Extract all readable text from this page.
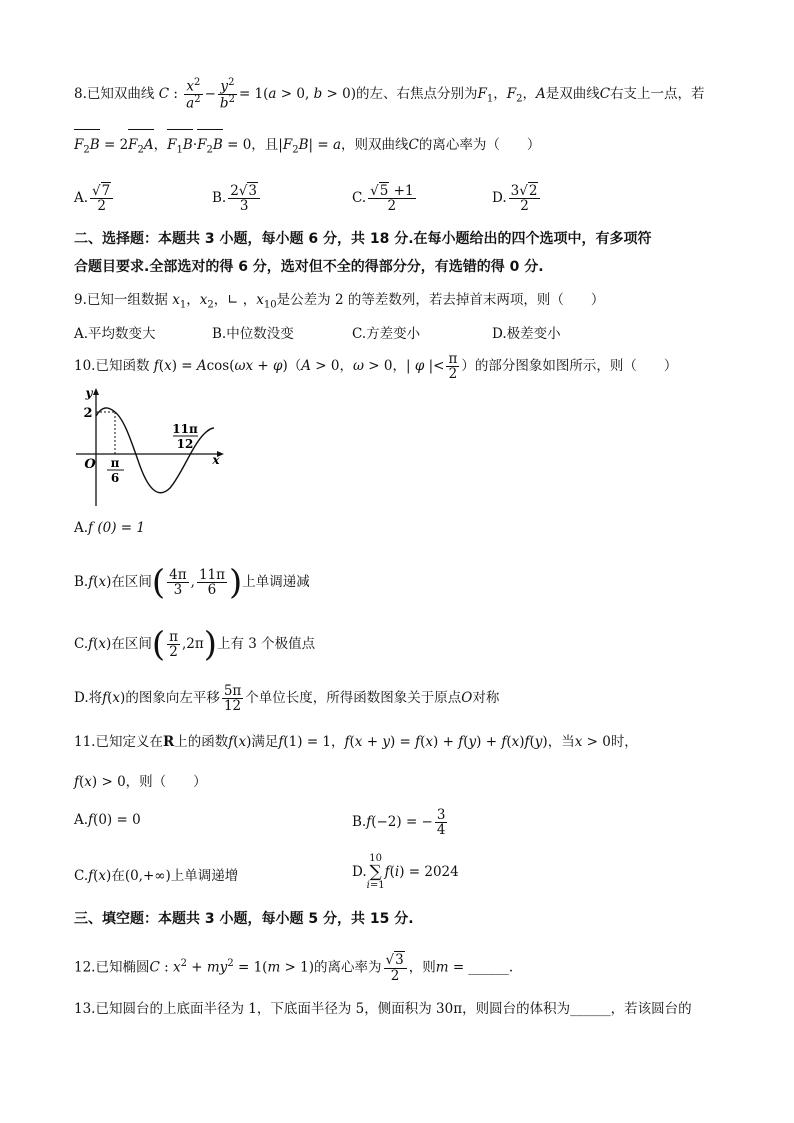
8.已知双曲线 C : $\frac{x^2}{a^2} - \frac{y^2}{b^2} = 1(a > 0$, b > 0)的左、右焦点分别为$F_1$，$F_2$，A是双曲线C右支上一点，若
$F_2B = 2F_2A$，$F_1B\cdot F_2B = 0$，且$|F_2B| = a$，则双曲线C的离心率为（　　）
A. $\frac{√7}{2}$	B. $\frac{2√3}{3}$	C. $\frac{√5 +1}{2}$	D. $\frac{3√2}{2}$
二、选择题：本题共 3 小题，每小题 6 分，共 18 分.在每小题给出的四个选项中，有多项符
合题目要求.全部选对的得 6 分，选对但不全的得部分分，有选错的得 0 分.
9.已知一组数据 $x_1$，$x_2$，∟ ，$x_{10}$是公差为 2 的等差数列，若去掉首末两项，则（　　）
A.平均数变大	B.中位数没变	C.方差变小	D.极差变小
10.已知函数 f(x) = Acos(ωx + φ)（A > 0，ω > 0，| φ |< $\frac{\pi}{2}$ ）的部分图象如图所示，则（　　）
y
2
O	x
π
6
11π
12
A.f (0) = 1
B.f(x)在区间( $\frac{4\pi}{3}$ , $\frac{11\pi}{6}$ )上单调递减
C.f(x)在区间( $\frac{\pi}{2} ,2\pi$)上有 3 个极值点
D.将f(x)的图象向左平移 $\frac{5\pi}{12}$ 个单位长度，所得函数图象关于原点O对称
11.已知定义在R上的函数f(x)满足f(1) = 1，f(x + y) = f(x) + f(y) + f(x)f(y)，当x > 0时，
f(x) > 0，则（　　）
A.f(0) = 0	B.f(−2) = − $\frac{3}{4}$
C.f(x)在(0,+∞)上单调递增	D.
10
∑
i=1
f(i) = 2024
三、填空题：本题共 3 小题，每小题 5 分，共 15 分.
12.已知椭圆C : $x^2 + my^2 = 1(m > 1)$的离心率为 $\frac{√3}{2}$ ，则m = ______.
13.已知圆台的上底面半径为 1，下底面半径为 5，侧面积为 30π，则圆台的体积为______，若该圆台的
